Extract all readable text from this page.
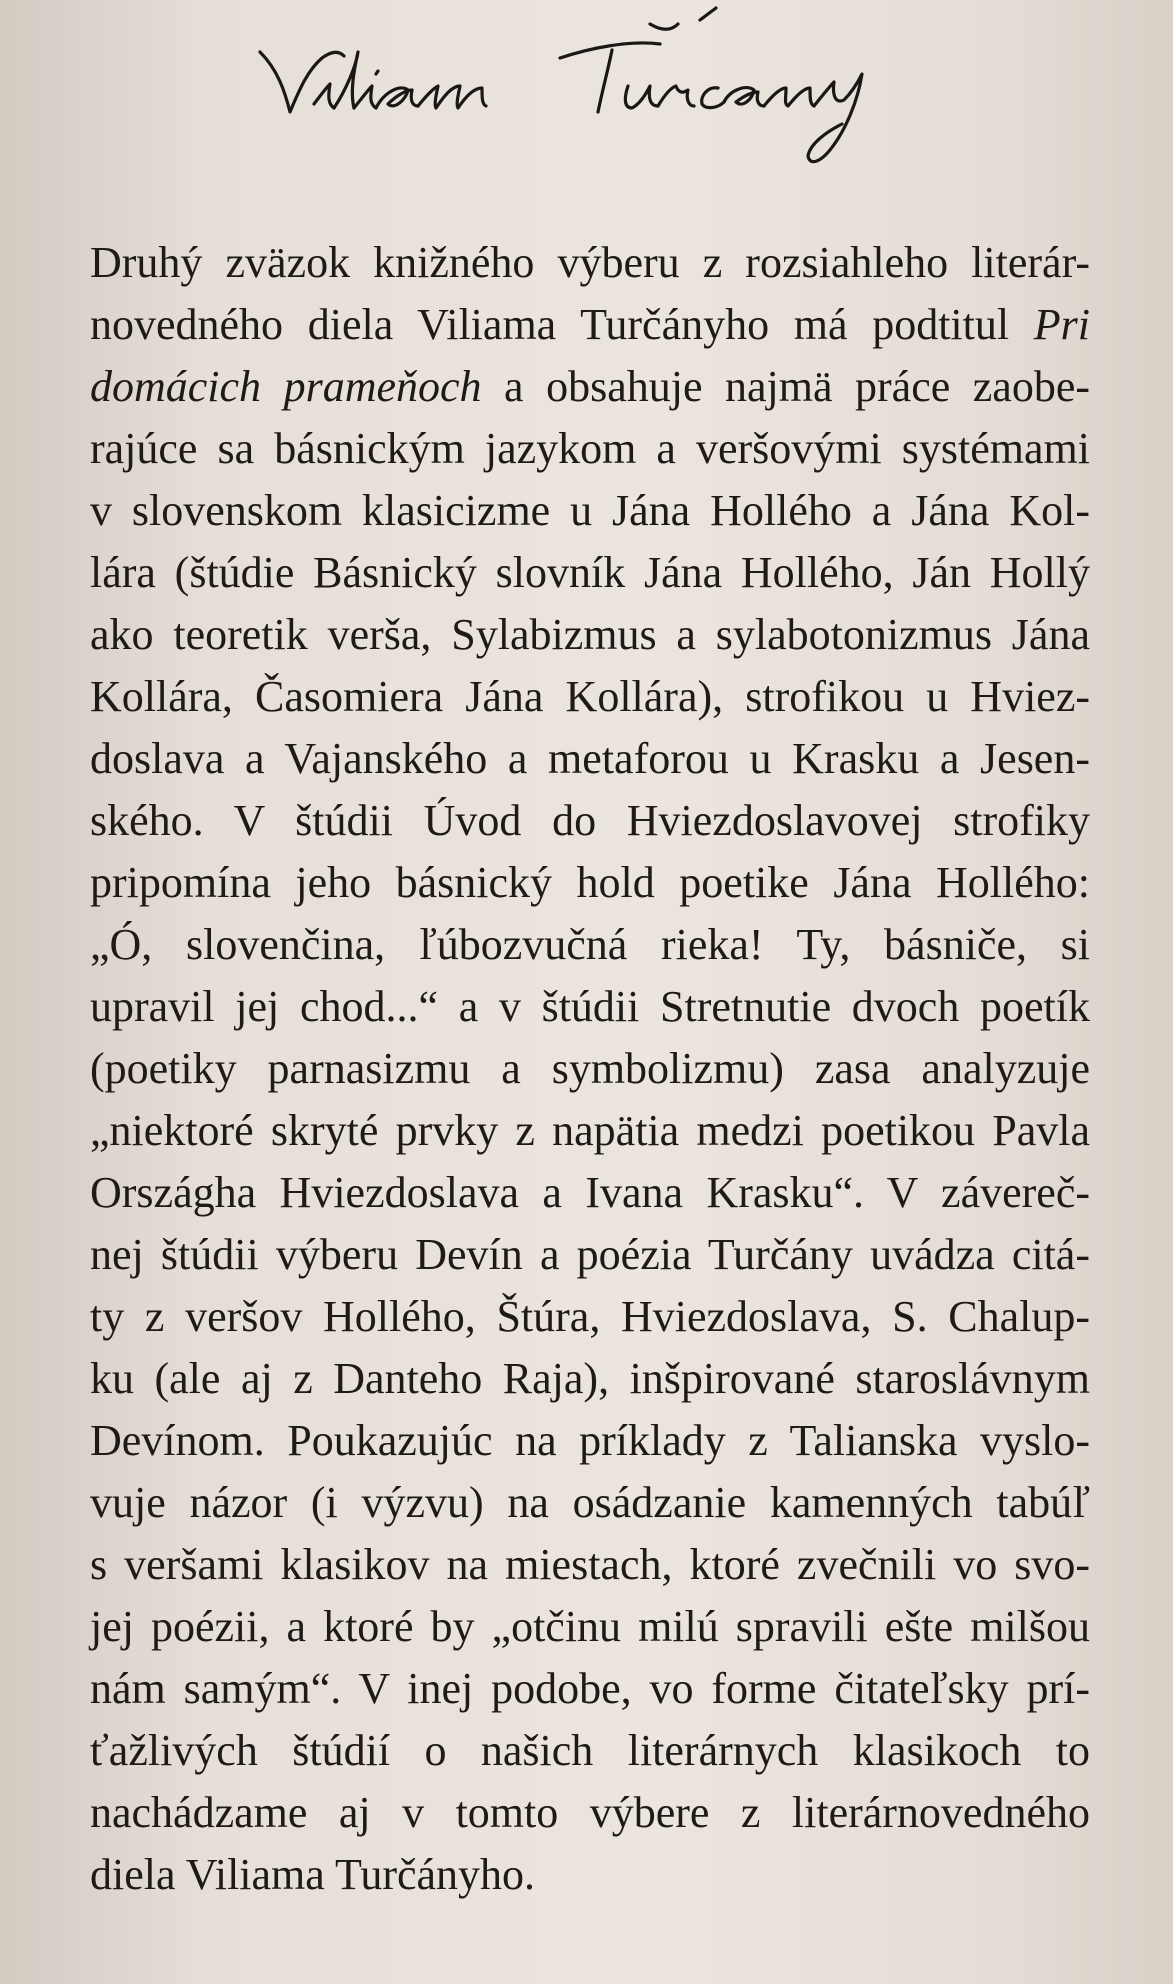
Druhý zväzok knižného výberu z rozsiahleho literár-
novedného diela Viliama Turčányho má podtitul Pri
domácich prameňoch a obsahuje najmä práce zaobe-
rajúce sa básnickým jazykom a veršovými systémami
v slovenskom klasicizme u Jána Hollého a Jána Kol-
lára (štúdie Básnický slovník Jána Hollého, Ján Hollý
ako teoretik verša, Sylabizmus a sylabotonizmus Jána
Kollára, Časomiera Jána Kollára), strofikou u Hviez-
doslava a Vajanského a metaforou u Krasku a Jesen-
ského. V štúdii Úvod do Hviezdoslavovej strofiky
pripomína jeho básnický hold poetike Jána Hollého:
„Ó, slovenčina, ľúbozvučná rieka! Ty, básniče, si
upravil jej chod...“ a v štúdii Stretnutie dvoch poetík
(poetiky parnasizmu a symbolizmu) zasa analyzuje
„niektoré skryté prvky z napätia medzi poetikou Pavla
Országha Hviezdoslava a Ivana Krasku“. V závereč-
nej štúdii výberu Devín a poézia Turčány uvádza citá-
ty z veršov Hollého, Štúra, Hviezdoslava, S. Chalup-
ku (ale aj z Danteho Raja), inšpirované staroslávnym
Devínom. Poukazujúc na príklady z Talianska vyslo-
vuje názor (i výzvu) na osádzanie kamenných tabúľ
s veršami klasikov na miestach, ktoré zvečnili vo svo-
jej poézii, a ktoré by „otčinu milú spravili ešte milšou
nám samým“. V inej podobe, vo forme čitateľsky prí-
ťažlivých štúdií o našich literárnych klasikoch to
nachádzame aj v tomto výbere z literárnovedného
diela Viliama Turčányho.
